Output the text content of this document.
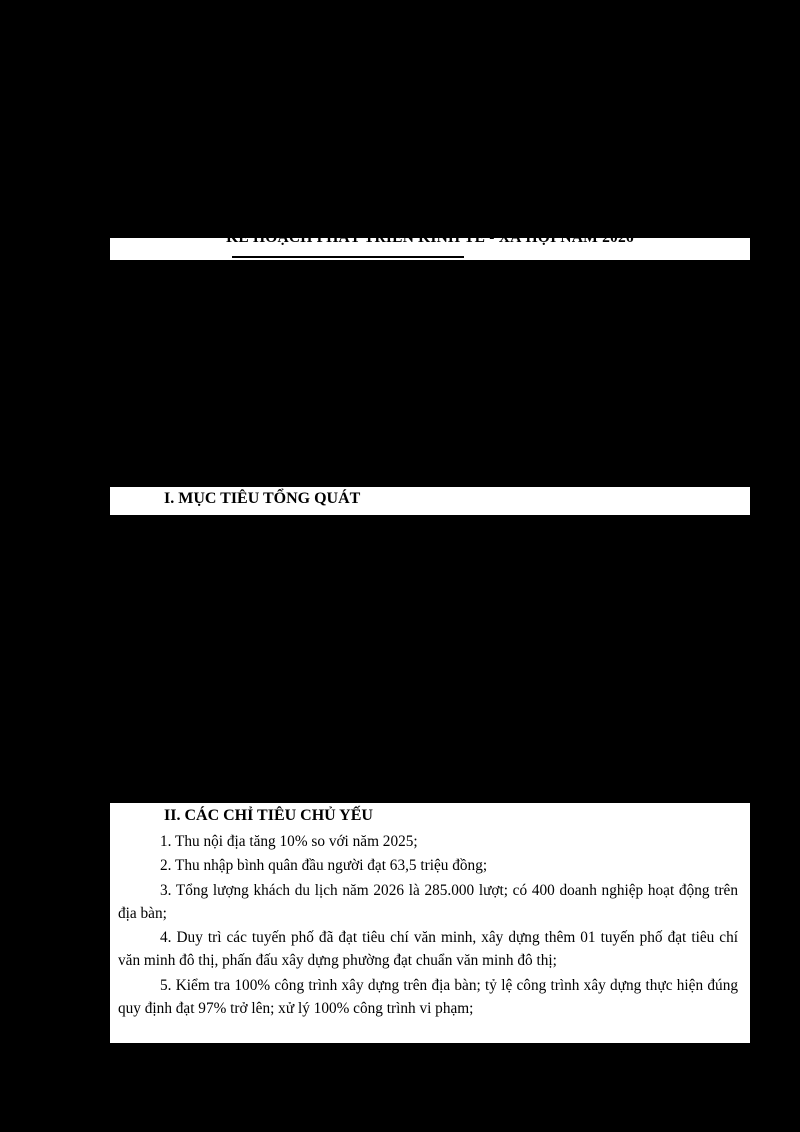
KẾ HOẠCH PHÁT TRIỂN KINH TẾ - XÃ HỘI NĂM 2026
I. MỤC TIÊU TỔNG QUÁT
II. CÁC CHỈ TIÊU CHỦ YẾU
1. Thu nội địa tăng 10% so với năm 2025;
2. Thu nhập bình quân đầu người đạt 63,5 triệu đồng;
3. Tổng lượng khách du lịch năm 2026 là 285.000 lượt; có 400 doanh nghiệp hoạt động trên địa bàn;
4. Duy trì các tuyến phố đã đạt tiêu chí văn minh, xây dựng thêm 01 tuyến phố đạt tiêu chí văn minh đô thị, phấn đấu xây dựng phường đạt chuẩn văn minh đô thị;
5. Kiểm tra 100% công trình xây dựng trên địa bàn; tỷ lệ công trình xây dựng thực hiện đúng quy định đạt 97% trở lên; xử lý 100% công trình vi phạm;
